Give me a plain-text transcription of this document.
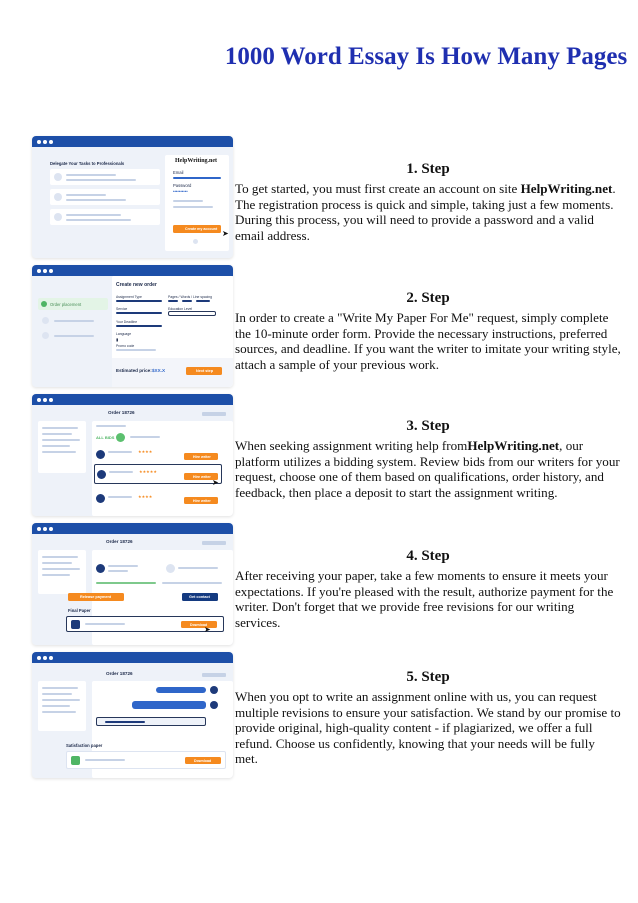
1000 Word Essay Is How Many Pages
Delegate Your Tasks to Professionals	HelpWriting.net
Email
Password
••••••••••
Create my account ➤
1. Step
To get started, you must first create an account on site HelpWriting.net. The registration process is quick and simple, taking just a few moments. During this process, you will need to provide a password and a valid email address.
Order placement
Create new order
Assignment Type	Pages / Words / Line spacing
Service	Education Level
Your Deadline
Language
▮
Promo code
Estimated price: $XX.X	Next step
2. Step
In order to create a "Write My Paper For Me" request, simply complete the 10-minute order form. Provide the necessary instructions, preferred sources, and deadline. If you want the writer to imitate your writing style, attach a sample of your previous work.
Order 18726
ALL BIDS
★★★★
Hire writer
★★★★★
Hire writer
➤
★★★★
Hire writer
3. Step
When seeking assignment writing help fromHelpWriting.net, our platform utilizes a bidding system. Review bids from our writers for your request, choose one of them based on qualifications, order history, and feedback, then place a deposit to start the assignment writing.
Order 18726
Release payment	Get contact
Final Paper
Download
➤
4. Step
After receiving your paper, take a few moments to ensure it meets your expectations. If you're pleased with the result, authorize payment for the writer. Don't forget that we provide free revisions for our writing services.
Order 18726
Satisfaction paper
Download
5. Step
When you opt to write an assignment online with us, you can request multiple revisions to ensure your satisfaction. We stand by our promise to provide original, high-quality content - if plagiarized, we offer a full refund. Choose us confidently, knowing that your needs will be fully met.
